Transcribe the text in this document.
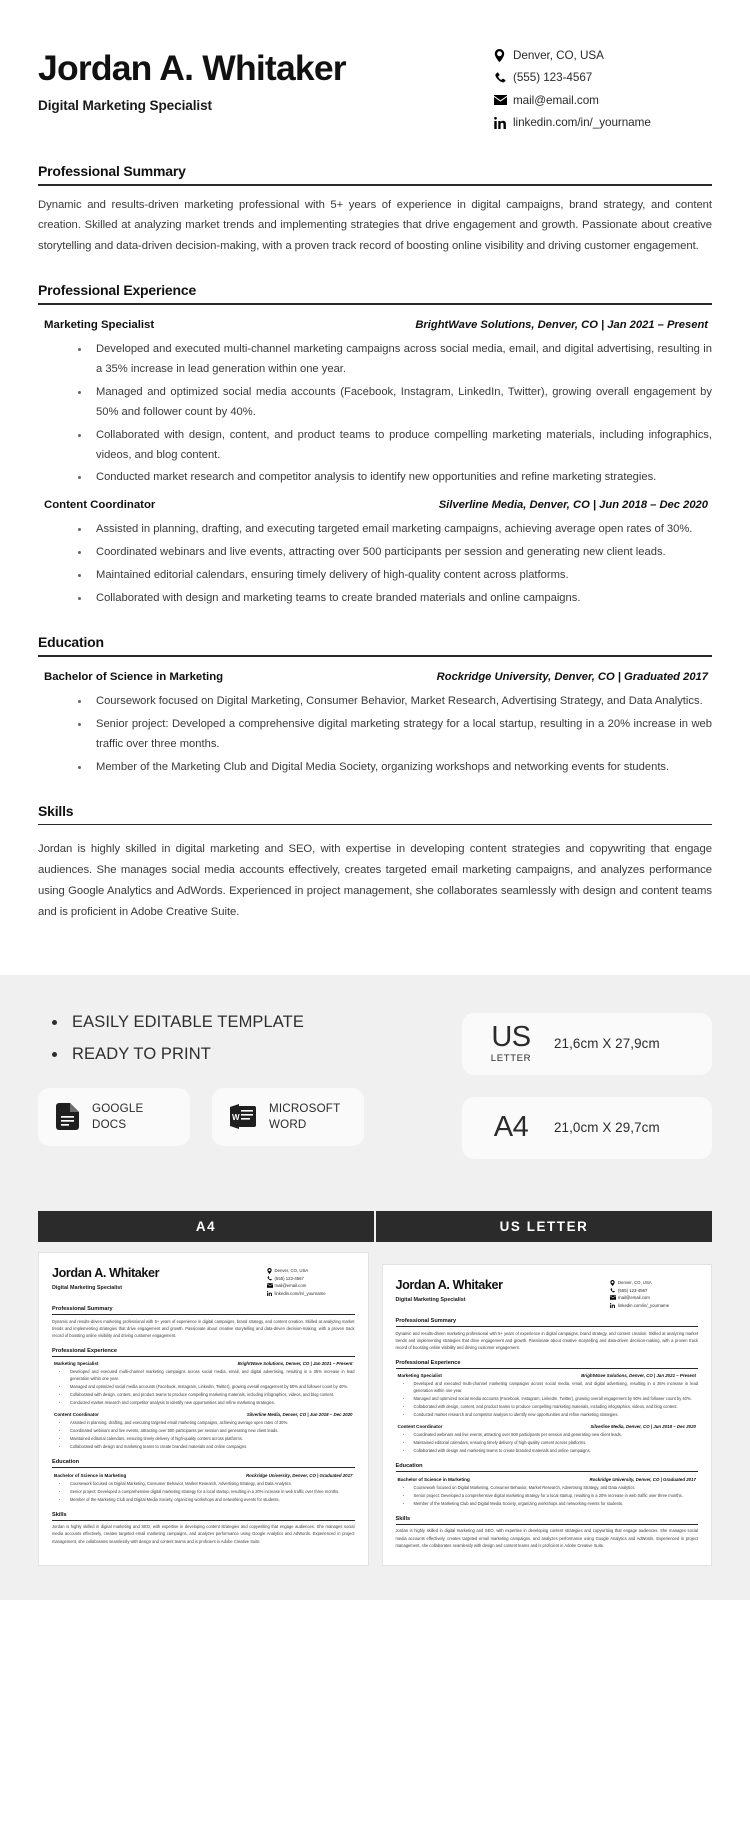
Jordan A. Whitaker
Digital Marketing Specialist
Denver, CO, USA
(555) 123-4567
mail@email.com
linkedin.com/in/_yourname
Professional Summary

Dynamic and results-driven marketing professional with 5+ years of experience in digital campaigns, brand strategy, and content creation. Skilled at analyzing market trends and implementing strategies that drive engagement and growth. Passionate about creative storytelling and data-driven decision-making, with a proven track record of boosting online visibility and driving customer engagement.

Professional Experience
Marketing Specialist	BrightWave Solutions, Denver, CO | Jan 2021 – Present
• Developed and executed multi-channel marketing campaigns across social media, email, and digital advertising, resulting in a 35% increase in lead generation within one year.
• Managed and optimized social media accounts (Facebook, Instagram, LinkedIn, Twitter), growing overall engagement by 50% and follower count by 40%.
• Collaborated with design, content, and product teams to produce compelling marketing materials, including infographics, videos, and blog content.
• Conducted market research and competitor analysis to identify new opportunities and refine marketing strategies.
Content Coordinator	Silverline Media, Denver, CO | Jun 2018 – Dec 2020
• Assisted in planning, drafting, and executing targeted email marketing campaigns, achieving average open rates of 30%.
• Coordinated webinars and live events, attracting over 500 participants per session and generating new client leads.
• Maintained editorial calendars, ensuring timely delivery of high-quality content across platforms.
• Collaborated with design and marketing teams to create branded materials and online campaigns.
Education
Bachelor of Science in Marketing	Rockridge University, Denver, CO | Graduated 2017
• Coursework focused on Digital Marketing, Consumer Behavior, Market Research, Advertising Strategy, and Data Analytics.
• Senior project: Developed a comprehensive digital marketing strategy for a local startup, resulting in a 20% increase in web traffic over three months.
• Member of the Marketing Club and Digital Media Society, organizing workshops and networking events for students.
Skills

Jordan is highly skilled in digital marketing and SEO, with expertise in developing content strategies and copywriting that engage audiences. She manages social media accounts effectively, creates targeted email marketing campaigns, and analyzes performance using Google Analytics and AdWords. Experienced in project management, she collaborates seamlessly with design and content teams and is proficient in Adobe Creative Suite.

EASILY EDITABLE TEMPLATE
READY TO PRINT
GOOGLE
DOCS	W
MICROSOFT
WORD
US
LETTER
21,6cm X 27,9cm
A4 21,0cm X 29,7cm
A4	US LETTER
Jordan A. Whitaker
Digital Marketing Specialist
Denver, CO, USA
(555) 123-4567
mail@email.com
linkedin.com/in/_yourname
Professional Summary

Dynamic and results-driven marketing professional with 5+ years of experience in digital campaigns, brand strategy, and content creation. Skilled at analyzing market trends and implementing strategies that drive engagement and growth. Passionate about creative storytelling and data-driven decision-making, with a proven track record of boosting online visibility and driving customer engagement.

Professional Experience
Marketing Specialist	BrightWave Solutions, Denver, CO | Jan 2021 – Present
• Developed and executed multi-channel marketing campaigns across social media, email, and digital advertising, resulting in a 35% increase in lead generation within one year.
• Managed and optimized social media accounts (Facebook, Instagram, LinkedIn, Twitter), growing overall engagement by 50% and follower count by 40%.
• Collaborated with design, content, and product teams to produce compelling marketing materials, including infographics, videos, and blog content.
• Conducted market research and competitor analysis to identify new opportunities and refine marketing strategies.
Content Coordinator	Silverline Media, Denver, CO | Jun 2018 – Dec 2020
• Assisted in planning, drafting, and executing targeted email marketing campaigns, achieving average open rates of 30%.
• Coordinated webinars and live events, attracting over 500 participants per session and generating new client leads.
• Maintained editorial calendars, ensuring timely delivery of high-quality content across platforms.
• Collaborated with design and marketing teams to create branded materials and online campaigns.
Education
Bachelor of Science in Marketing	Rockridge University, Denver, CO | Graduated 2017
• Coursework focused on Digital Marketing, Consumer Behavior, Market Research, Advertising Strategy, and Data Analytics.
• Senior project: Developed a comprehensive digital marketing strategy for a local startup, resulting in a 20% increase in web traffic over three months.
• Member of the Marketing Club and Digital Media Society, organizing workshops and networking events for students.
Skills

Jordan is highly skilled in digital marketing and SEO, with expertise in developing content strategies and copywriting that engage audiences. She manages social media accounts effectively, creates targeted email marketing campaigns, and analyzes performance using Google Analytics and AdWords. Experienced in project management, she collaborates seamlessly with design and content teams and is proficient in Adobe Creative Suite.

Jordan A. Whitaker
Digital Marketing Specialist
Denver, CO, USA
(555) 123-4567
mail@email.com
linkedin.com/in/_yourname
Professional Summary

Dynamic and results-driven marketing professional with 5+ years of experience in digital campaigns, brand strategy, and content creation. Skilled at analyzing market trends and implementing strategies that drive engagement and growth. Passionate about creative storytelling and data-driven decision-making, with a proven track record of boosting online visibility and driving customer engagement.

Professional Experience
Marketing Specialist	BrightWave Solutions, Denver, CO | Jan 2021 – Present
• Developed and executed multi-channel marketing campaigns across social media, email, and digital advertising, resulting in a 35% increase in lead generation within one year.
• Managed and optimized social media accounts (Facebook, Instagram, LinkedIn, Twitter), growing overall engagement by 50% and follower count by 40%.
• Collaborated with design, content, and product teams to produce compelling marketing materials, including infographics, videos, and blog content.
• Conducted market research and competitor analysis to identify new opportunities and refine marketing strategies.
Content Coordinator	Silverline Media, Denver, CO | Jun 2018 – Dec 2020
• Coordinated webinars and live events, attracting over 500 participants per session and generating new client leads.
• Maintained editorial calendars, ensuring timely delivery of high-quality content across platforms.
• Collaborated with design and marketing teams to create branded materials and online campaigns.
Education
Bachelor of Science in Marketing	Rockridge University, Denver, CO | Graduated 2017
• Coursework focused on Digital Marketing, Consumer Behavior, Market Research, Advertising Strategy, and Data Analytics.
• Senior project: Developed a comprehensive digital marketing strategy for a local startup, resulting in a 20% increase in web traffic over three months.
• Member of the Marketing Club and Digital Media Society, organizing workshops and networking events for students.
Skills

Jordan is highly skilled in digital marketing and SEO, with expertise in developing content strategies and copywriting that engage audiences. She manages social media accounts effectively, creates targeted email marketing campaigns, and analyzes performance using Google Analytics and AdWords. Experienced in project management, she collaborates seamlessly with design and content teams and is proficient in Adobe Creative Suite.
